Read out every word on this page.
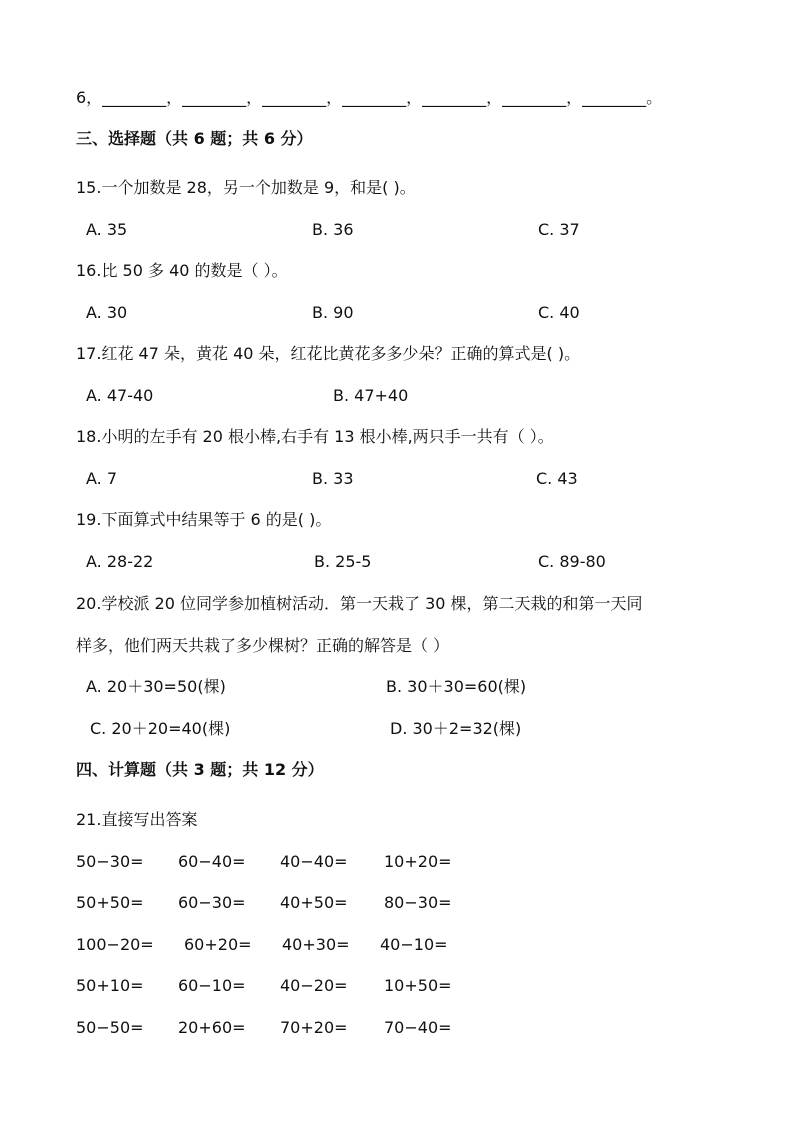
6，________，________，________，________，________，________，________。
三、选择题（共 6 题；共 6 分）
15.一个加数是 28，另一个加数是 9，和是( )。
A. 35	B. 36	C. 37
16.比 50 多 40 的数是（ ）。
A. 30	B. 90	C. 40
17.红花 47 朵，黄花 40 朵，红花比黄花多多少朵？正确的算式是( )。
A. 47-40	B. 47+40
18.小明的左手有 20 根小棒,右手有 13 根小棒,两只手一共有（ ）。
A. 7	B. 33	C. 43
19.下面算式中结果等于 6 的是( )。
A. 28-22	B. 25-5	C. 89-80
20.学校派 20 位同学参加植树活动．第一天栽了 30 棵，第二天栽的和第一天同
样多，他们两天共栽了多少棵树？正确的解答是（ ）
A. 20＋30=50(棵)	B. 30＋30=60(棵)
C. 20＋20=40(棵)	D. 30＋2=32(棵)
四、计算题（共 3 题；共 12 分）
21.直接写出答案
50−30= 60−40= 40−40= 10+20=
50+50= 60−30= 40+50= 80−30=
100−20= 60+20= 40+30= 40−10=
50+10= 60−10= 40−20= 10+50=
50−50= 20+60= 70+20= 70−40=
